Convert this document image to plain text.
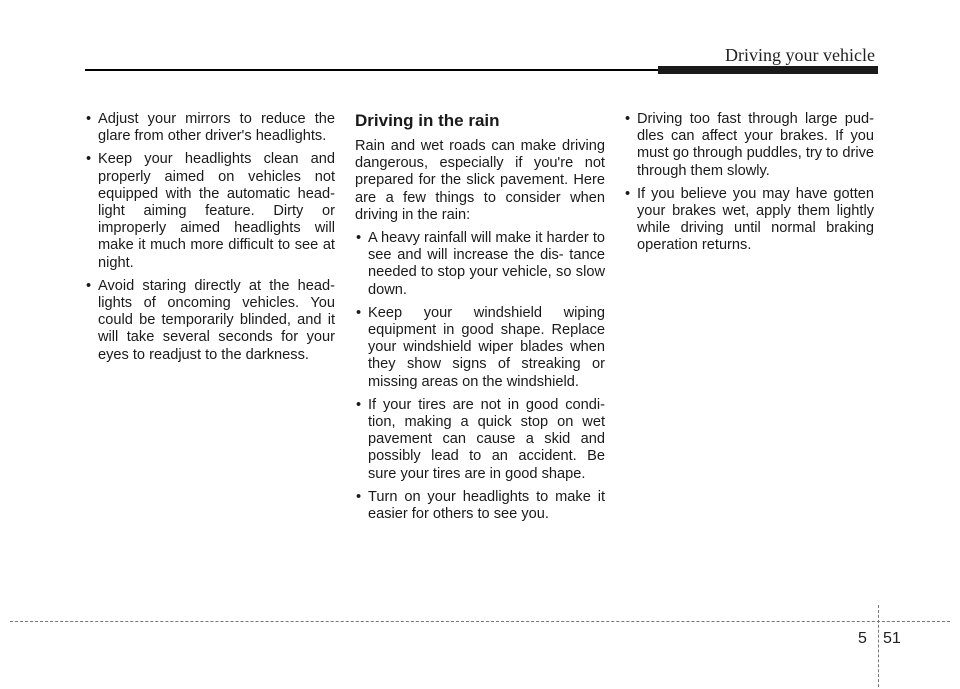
Driving your vehicle
• Adjust your mirrors to reduce the glare from other driver's headlights.
• Keep your headlights clean and properly aimed on vehicles not equipped with the automatic head- light aiming feature. Dirty or improperly aimed headlights will make it much more difficult to see at night.
• Avoid staring directly at the head- lights of oncoming vehicles. You could be temporarily blinded, and it will take several seconds for your eyes to readjust to the darkness.
Driving in the rain

Rain and wet roads can make driving dangerous, especially if you're not prepared for the slick pavement. Here are a few things to consider when driving in the rain:

• A heavy rainfall will make it harder to see and will increase the dis- tance needed to stop your vehicle, so slow down.
• Keep your windshield wiping equipment in good shape. Replace your windshield wiper blades when they show signs of streaking or missing areas on the windshield.
• If your tires are not in good condi- tion, making a quick stop on wet pavement can cause a skid and possibly lead to an accident. Be sure your tires are in good shape.
• Turn on your headlights to make it easier for others to see you.
• Driving too fast through large pud- dles can affect your brakes. If you must go through puddles, try to drive through them slowly.
• If you believe you may have gotten your brakes wet, apply them lightly while driving until normal braking operation returns.
5 51
